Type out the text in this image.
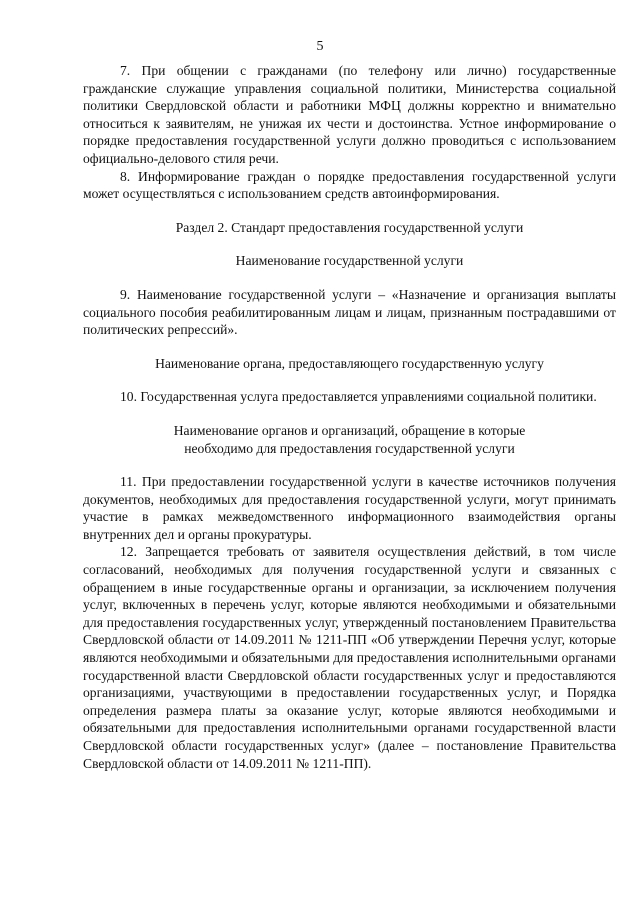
5

7. При общении с гражданами (по телефону или лично) государственные гражданские служащие управления социальной политики, Министерства социальной политики Свердловской области и работники МФЦ должны корректно и внимательно относиться к заявителям, не унижая их чести и достоинства. Устное информирование о порядке предоставления государственной услуги должно проводиться с использованием официально-делового стиля речи.

8. Информирование граждан о порядке предоставления государственной услуги может осуществляться с использованием средств автоинформирования.

Раздел 2. Стандарт предоставления государственной услуги

Наименование государственной услуги

9. Наименование государственной услуги – «Назначение и организация выплаты социального пособия реабилитированным лицам и лицам, признанным пострадавшими от политических репрессий».

Наименование органа, предоставляющего государственную услугу

10. Государственная услуга предоставляется управлениями социальной политики.

Наименование органов и организаций, обращение в которые

необходимо для предоставления государственной услуги

11. При предоставлении государственной услуги в качестве источников получения документов, необходимых для предоставления государственной услуги, могут принимать участие в рамках межведомственного информационного взаимодействия органы внутренних дел и органы прокуратуры.

12. Запрещается требовать от заявителя осуществления действий, в том числе согласований, необходимых для получения государственной услуги и связанных с обращением в иные государственные органы и организации, за исключением получения услуг, включенных в перечень услуг, которые являются необходимыми и обязательными для предоставления государственных услуг, утвержденный постановлением Правительства Свердловской области от 14.09.2011 № 1211-ПП «Об утверждении Перечня услуг, которые являются необходимыми и обязательными для предоставления исполнительными органами государственной власти Свердловской области государственных услуг и предоставляются организациями, участвующими в предоставлении государственных услуг, и Порядка определения размера платы за оказание услуг, которые являются необходимыми и обязательными для предоставления исполнительными органами государственной власти Свердловской области государственных услуг» (далее – постановление Правительства Свердловской области от 14.09.2011 № 1211-ПП).
